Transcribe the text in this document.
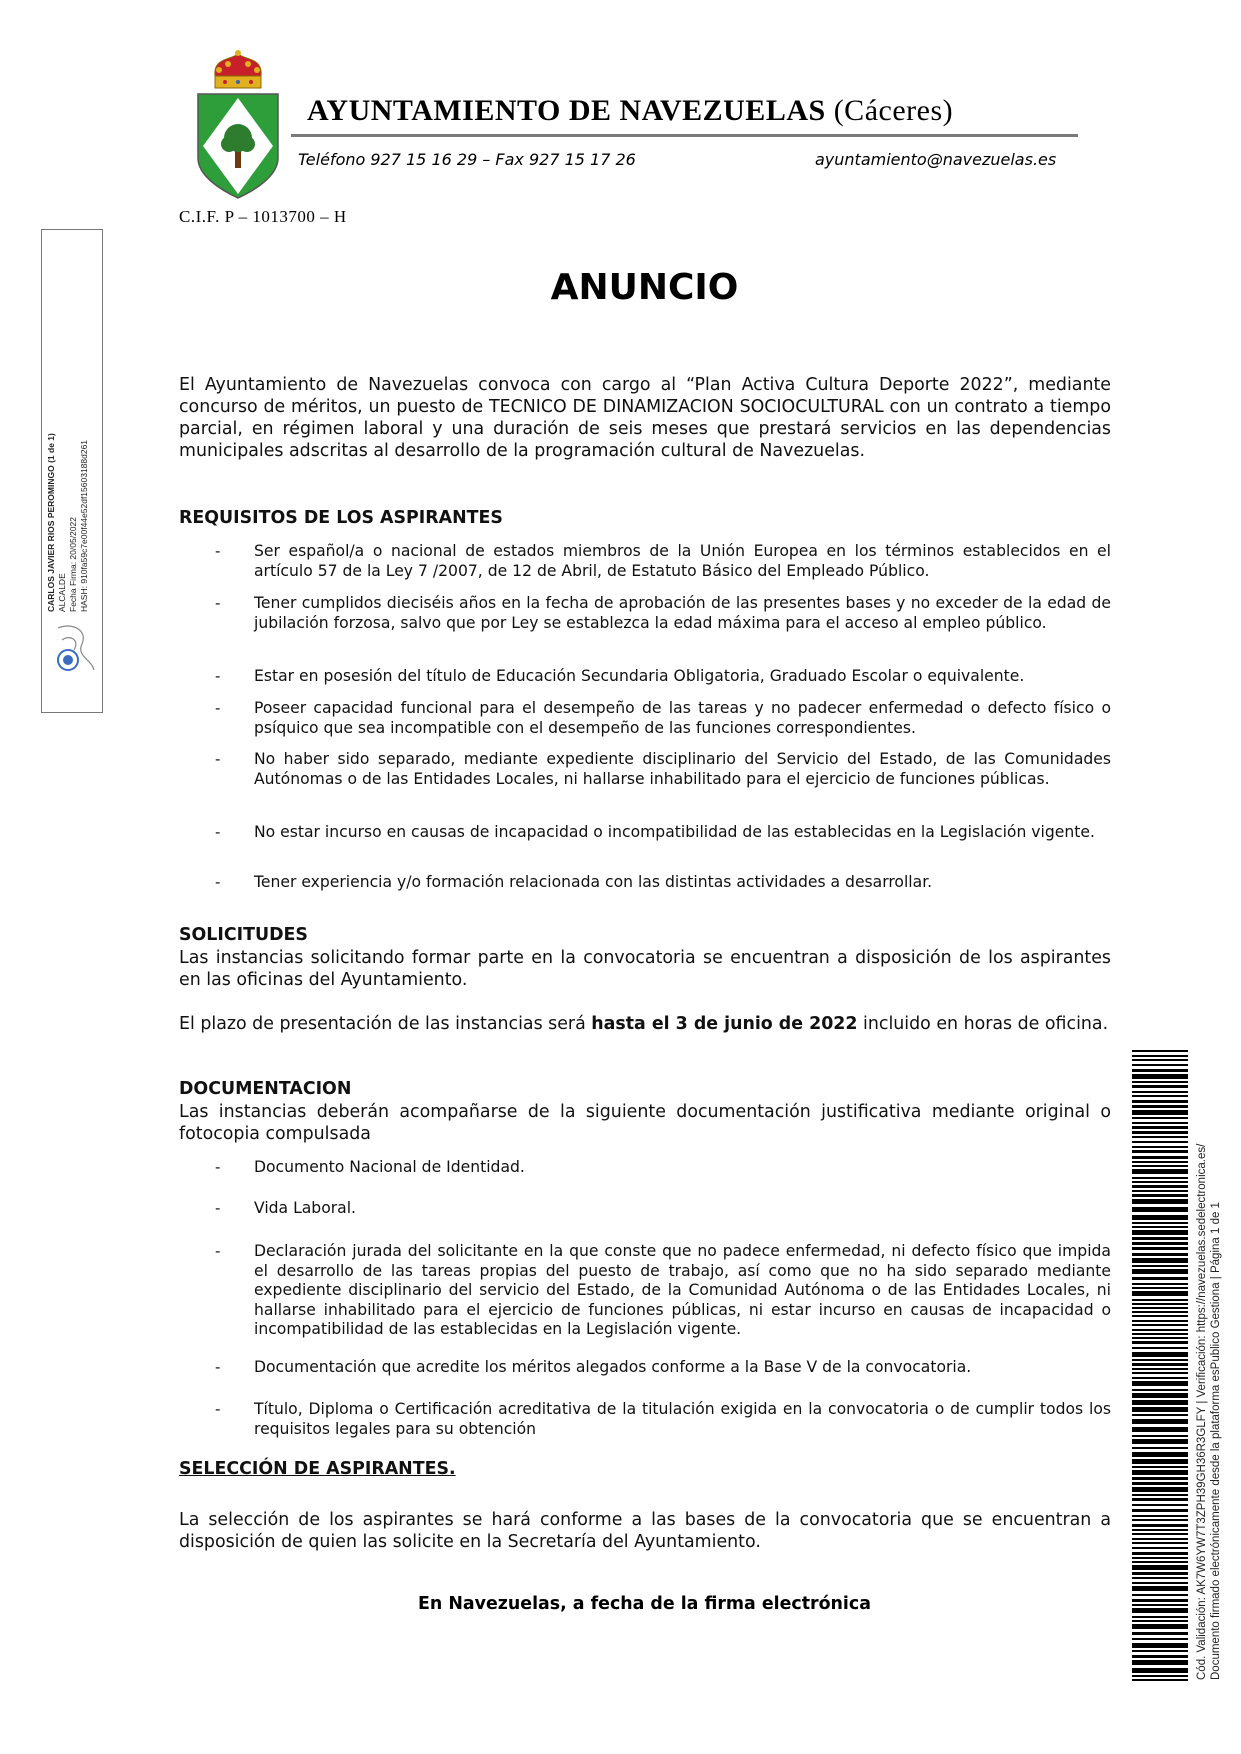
AYUNTAMIENTO DE NAVEZUELAS (Cáceres)
Teléfono 927 15 16 29 – Fax 927 15 17 26	ayuntamiento@navezuelas.es
C.I.F. P – 1013700 – H
CARLOS JAVIER RIOS PEROMINGO (1 de 1) ALCALDE Fecha Firma: 20/05/2022 HASH: 910fa59c7e00f44e52df15603188d261
ANUNCIO
El Ayuntamiento de Navezuelas convoca con cargo al “Plan Activa Cultura Deporte 2022”, mediante concurso de méritos, un puesto de TECNICO DE DINAMIZACION SOCIOCULTURAL con un contrato a tiempo parcial, en régimen laboral y una duración de seis meses que prestará servicios en las dependencias municipales adscritas al desarrollo de la programación cultural de Navezuelas.
REQUISITOS DE LOS ASPIRANTES
- Ser español/a o nacional de estados miembros de la Unión Europea en los términos establecidos en el artículo 57 de la Ley 7 /2007, de 12 de Abril, de Estatuto Básico del Empleado Público.
- Tener cumplidos dieciséis años en la fecha de aprobación de las presentes bases y no exceder de la edad de jubilación forzosa, salvo que por Ley se establezca la edad máxima para el acceso al empleo público.
- Estar en posesión del título de Educación Secundaria Obligatoria, Graduado Escolar o equivalente.
- Poseer capacidad funcional para el desempeño de las tareas y no padecer enfermedad o defecto físico o psíquico que sea incompatible con el desempeño de las funciones correspondientes.
- No haber sido separado, mediante expediente disciplinario del Servicio del Estado, de las Comunidades Autónomas o de las Entidades Locales, ni hallarse inhabilitado para el ejercicio de funciones públicas.
- No estar incurso en causas de incapacidad o incompatibilidad de las establecidas en la Legislación vigente.
- Tener experiencia y/o formación relacionada con las distintas actividades a desarrollar.
SOLICITUDES
Las instancias solicitando formar parte en la convocatoria se encuentran a disposición de los aspirantes en las oficinas del Ayuntamiento.
El plazo de presentación de las instancias será hasta el 3 de junio de 2022 incluido en horas de oficina.
DOCUMENTACION
Las instancias deberán acompañarse de la siguiente documentación justificativa mediante original o fotocopia compulsada
- Documento Nacional de Identidad.
- Vida Laboral.
- Declaración jurada del solicitante en la que conste que no padece enfermedad, ni defecto físico que impida el desarrollo de las tareas propias del puesto de trabajo, así como que no ha sido separado mediante expediente disciplinario del servicio del Estado, de la Comunidad Autónoma o de las Entidades Locales, ni hallarse inhabilitado para el ejercicio de funciones públicas, ni estar incurso en causas de incapacidad o incompatibilidad de las establecidas en la Legislación vigente.
- Documentación que acredite los méritos alegados conforme a la Base V de la convocatoria.
- Título, Diploma o Certificación acreditativa de la titulación exigida en la convocatoria o de cumplir todos los requisitos legales para su obtención
SELECCIÓN DE ASPIRANTES.
La selección de los aspirantes se hará conforme a las bases de la convocatoria que se encuentran a disposición de quien las solicite en la Secretaría del Ayuntamiento.
En Navezuelas, a fecha de la firma electrónica	Cód. Validación: AK7W6YW7T3ZPH39GH36R3GLFY | Verificación: https://navezuelas.sedelectronica.es/ Documento firmado electrónicamente desde la plataforma esPublico Gestiona | Página 1 de 1
